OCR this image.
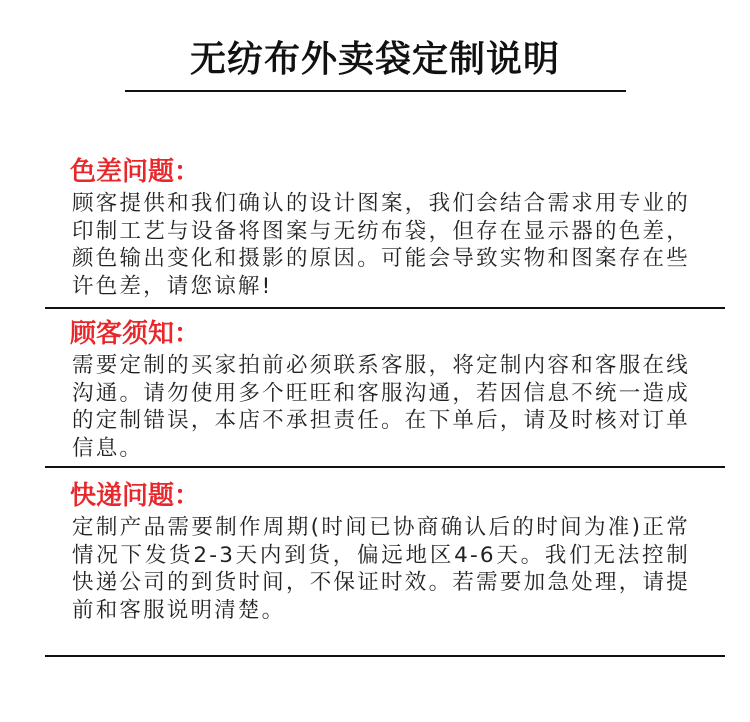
无纺布外卖袋定制说明
色差问题：

顾客提供和我们确认的设计图案，我们会结合需求用专业的印制工艺与设备将图案与无纺布袋，但存在显示器的色差，颜色输出变化和摄影的原因。可能会导致实物和图案存在些许色差，请您谅解!

顾客须知：

需要定制的买家拍前必须联系客服，将定制内容和客服在线沟通。请勿使用多个旺旺和客服沟通，若因信息不统一造成的定制错误，本店不承担责任。在下单后，请及时核对订单信息。

快递问题：

定制产品需要制作周期(时间已协商确认后的时间为准)正常情况下发货2-3天内到货，偏远地区4-6天。我们无法控制快递公司的到货时间，不保证时效。若需要加急处理，请提前和客服说明清楚。
